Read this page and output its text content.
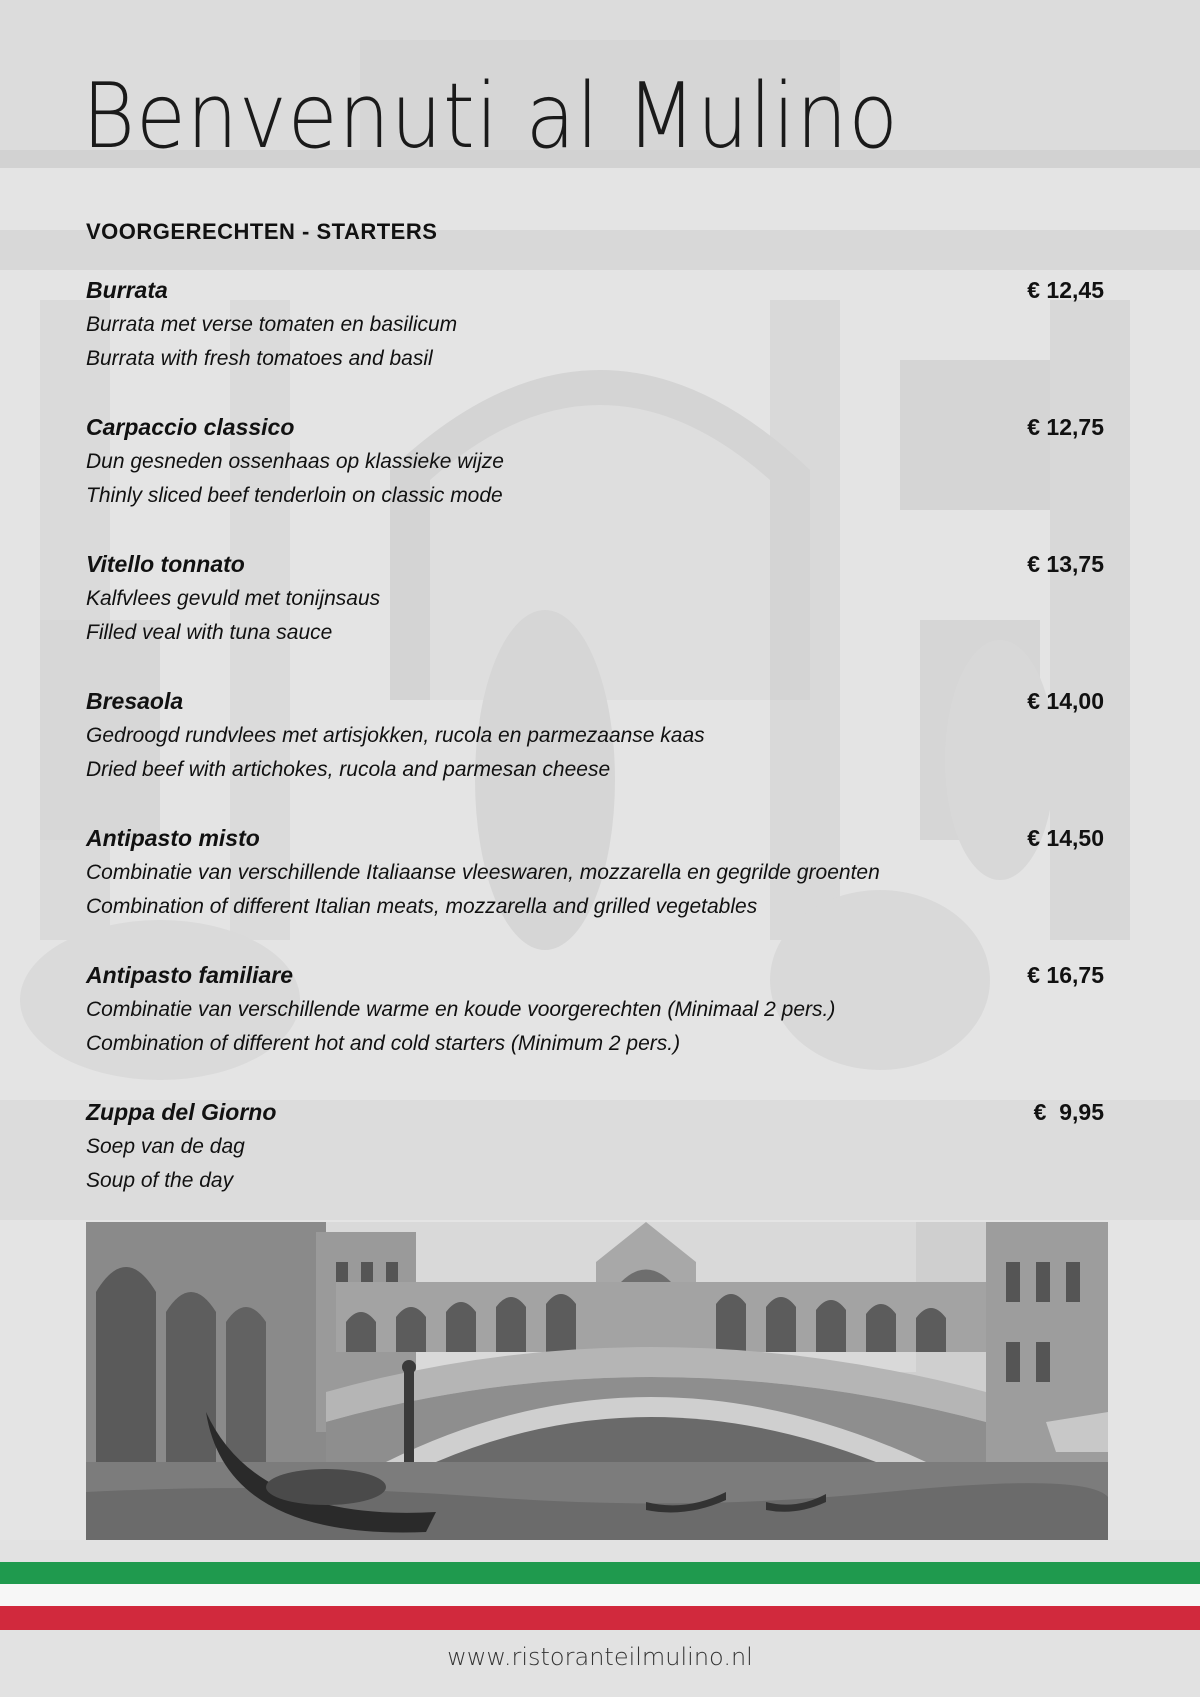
Benvenuti al Mulino
VOORGERECHTEN - STARTERS
Burrata	€ 12,45
Burrata met verse tomaten en basilicum
Burrata with fresh tomatoes and basil
Carpaccio classico	€ 12,75
Dun gesneden ossenhaas op klassieke wijze
Thinly sliced beef tenderloin on classic mode
Vitello tonnato	€ 13,75
Kalfvlees gevuld met tonijnsaus
Filled veal with tuna sauce
Bresaola	€ 14,00
Gedroogd rundvlees met artisjokken, rucola en parmezaanse kaas
Dried beef with artichokes, rucola and parmesan cheese
Antipasto misto	€ 14,50
Combinatie van verschillende Italiaanse vleeswaren, mozzarella en gegrilde groenten
Combination of different Italian meats, mozzarella and grilled vegetables
Antipasto familiare	€ 16,75
Combinatie van verschillende warme en koude voorgerechten (Minimaal 2 pers.)
Combination of different hot and cold starters (Minimum 2 pers.)
Zuppa del Giorno	€  9,95
Soep van de dag
Soup of the day
www.ristoranteilmulino.nl
